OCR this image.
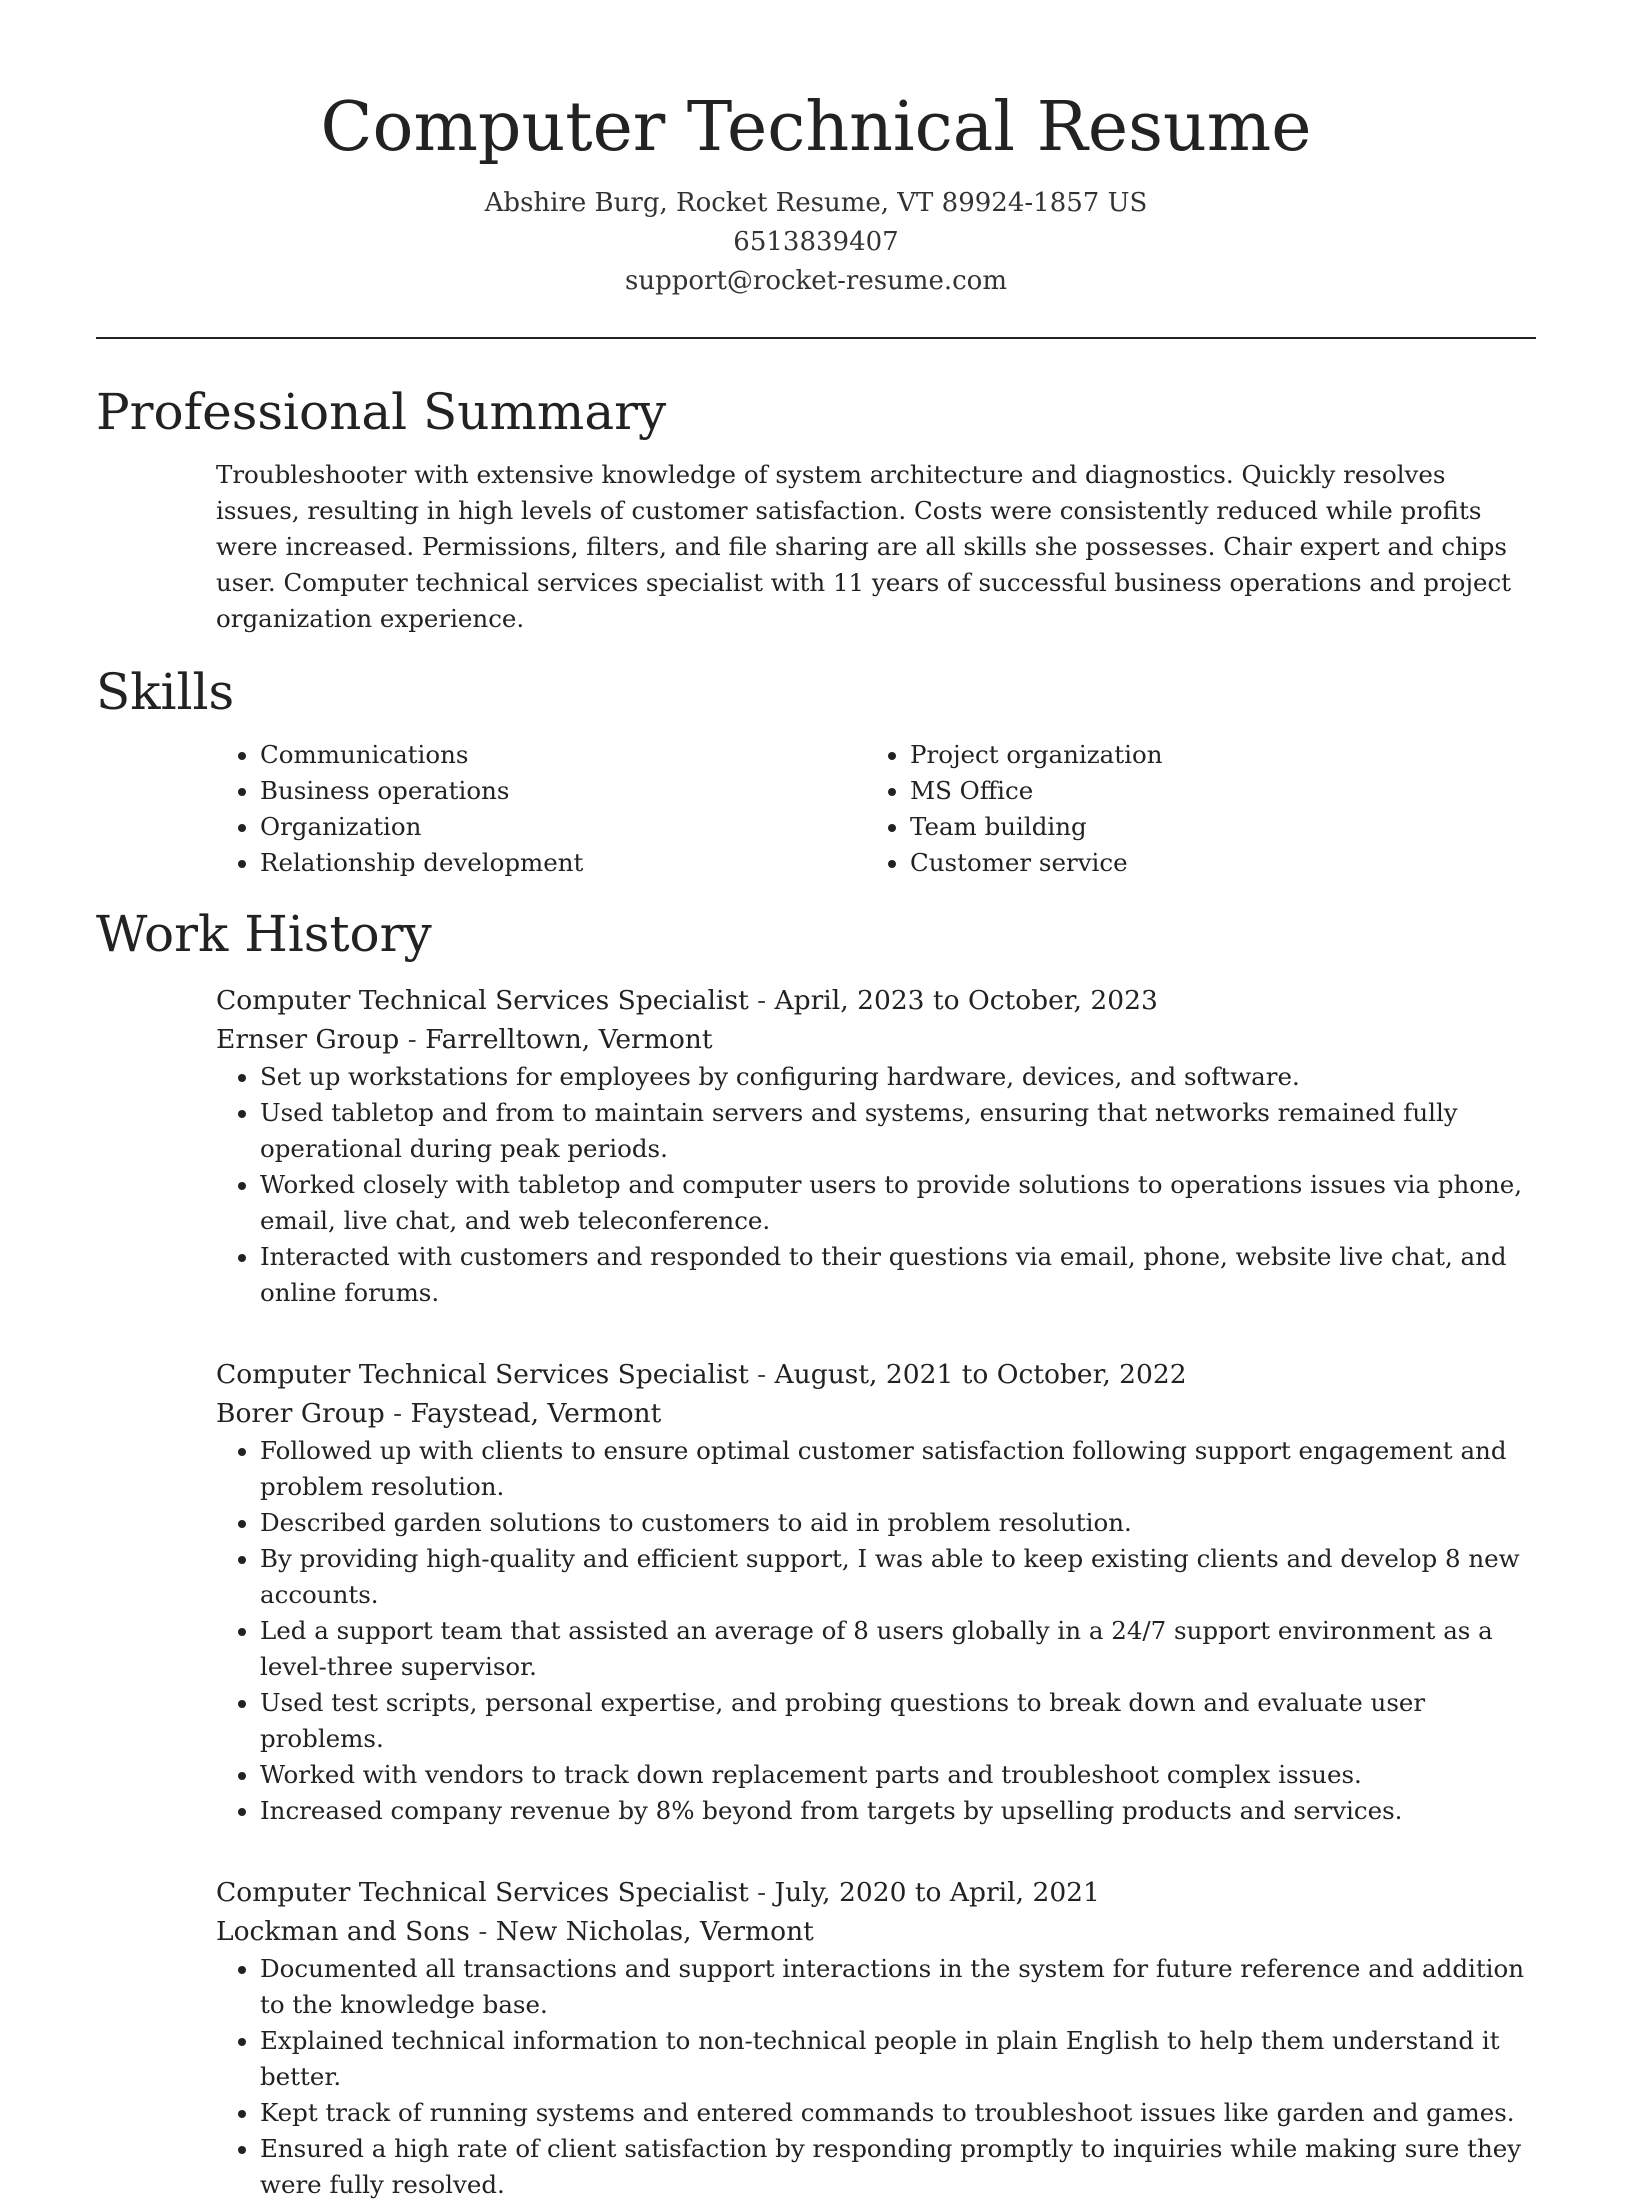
Computer Technical Resume
Abshire Burg, Rocket Resume, VT 89924-1857 US
6513839407
support@rocket-resume.com
Professional Summary
Troubleshooter with extensive knowledge of system architecture and diagnostics. Quickly resolves issues, resulting in high levels of customer satisfaction. Costs were consistently reduced while profits were increased. Permissions, filters, and file sharing are all skills she possesses. Chair expert and chips user. Computer technical services specialist with 11 years of successful business operations and project organization experience.
Skills
• Communications
• Business operations
• Organization
• Relationship development
• Project organization
• MS Office
• Team building
• Customer service
Work History
Computer Technical Services Specialist - April, 2023 to October, 2023
Ernser Group - Farrelltown, Vermont
• Set up workstations for employees by configuring hardware, devices, and software.
• Used tabletop and from to maintain servers and systems, ensuring that networks remained fully operational during peak periods.
• Worked closely with tabletop and computer users to provide solutions to operations issues via phone, email, live chat, and web teleconference.
• Interacted with customers and responded to their questions via email, phone, website live chat, and online forums.
Computer Technical Services Specialist - August, 2021 to October, 2022
Borer Group - Faystead, Vermont
• Followed up with clients to ensure optimal customer satisfaction following support engagement and problem resolution.
• Described garden solutions to customers to aid in problem resolution.
• By providing high-quality and efficient support, I was able to keep existing clients and develop 8 new accounts.
• Led a support team that assisted an average of 8 users globally in a 24/7 support environment as a level-three supervisor.
• Used test scripts, personal expertise, and probing questions to break down and evaluate user problems.
• Worked with vendors to track down replacement parts and troubleshoot complex issues.
• Increased company revenue by 8% beyond from targets by upselling products and services.
Computer Technical Services Specialist - July, 2020 to April, 2021
Lockman and Sons - New Nicholas, Vermont
• Documented all transactions and support interactions in the system for future reference and addition to the knowledge base.
• Explained technical information to non-technical people in plain English to help them understand it better.
• Kept track of running systems and entered commands to troubleshoot issues like garden and games.
• Ensured a high rate of client satisfaction by responding promptly to inquiries while making sure they were fully resolved.
